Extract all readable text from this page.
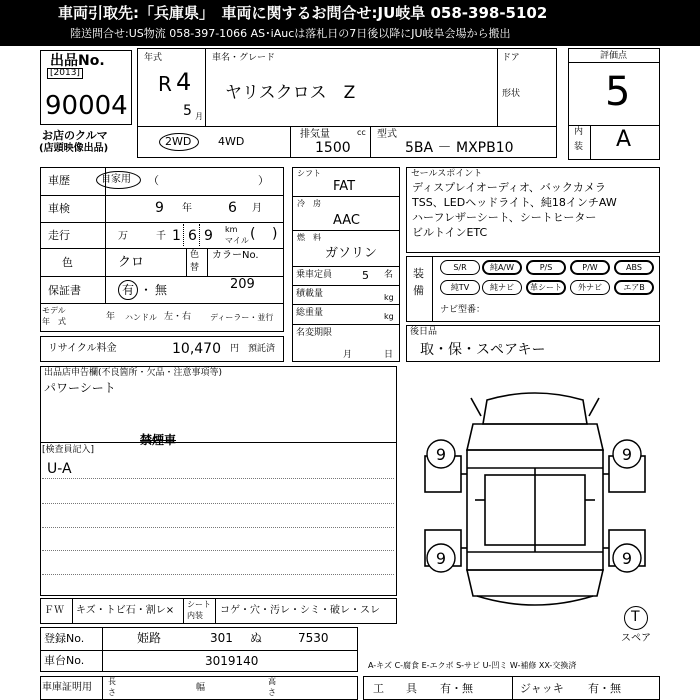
車両引取先:「兵庫県」　車両に関するお問合せ:JU岐阜 058-398-5102
陸送問合せ:US物流 058-397-1066 AS･iAucは落札日の7日後以降にJU岐阜会場から搬出
出品No.
[2013]
90004
お店のクルマ
(店頭映像出品)
年式
R 4
5 月
車名・グレード
ヤリスクロス　Z
ドア
形状
2WD 4WD
排気量	cc
1500
型式
5BA － MXPB10
評価点
5
内
装 A
車歴	自家用 （	）
車検	9 年	6 月
走行	万	千 1 6 9 km
マイル ( )
色	クロ	色
替
カラーNo.
209
保証書	有 ・ 無
モデル
年　式	年 ハンドル 左・右 ディーラー・並行
リサイクル料金	10,470 円 預託済
シフト
FAT
冷　房
AAC
燃　料
ガソリン
乗車定員	5 名
積載量	kg
総重量	kg
名変期限
月	日
セールスポイント
ディスプレイオーディオ、バックカメラ
TSS、LEDヘッドライト、純18インチAW
ハーフレザーシート、シートヒーター
ビルトインETC
装
備
S/R	純A/W	P/S	P/W	ABS
純TV	純ナビ	革シート	外ナビ	エアB
ナビ型番：
後日品
取・保・スペアキー
出品店申告欄(不良箇所・欠品・注意事項等)
パワーシート
禁煙車
[検査員記入]
U-A
9	9
9	9
T
スペア
ＦＷ キズ・トビ石・割レ×
シート
内装 コゲ・穴・汚レ・シミ・破レ・スレ
登録No.	姫路	301 ぬ	7530
車台No.	3019140
車庫証明用
長
さ	幅
高
さ
A-キズ C-腐食 E-エクボ S-サビ U-凹ミ W-補修 XX-交換済
工　　具 有・無	ジャッキ 有・無
